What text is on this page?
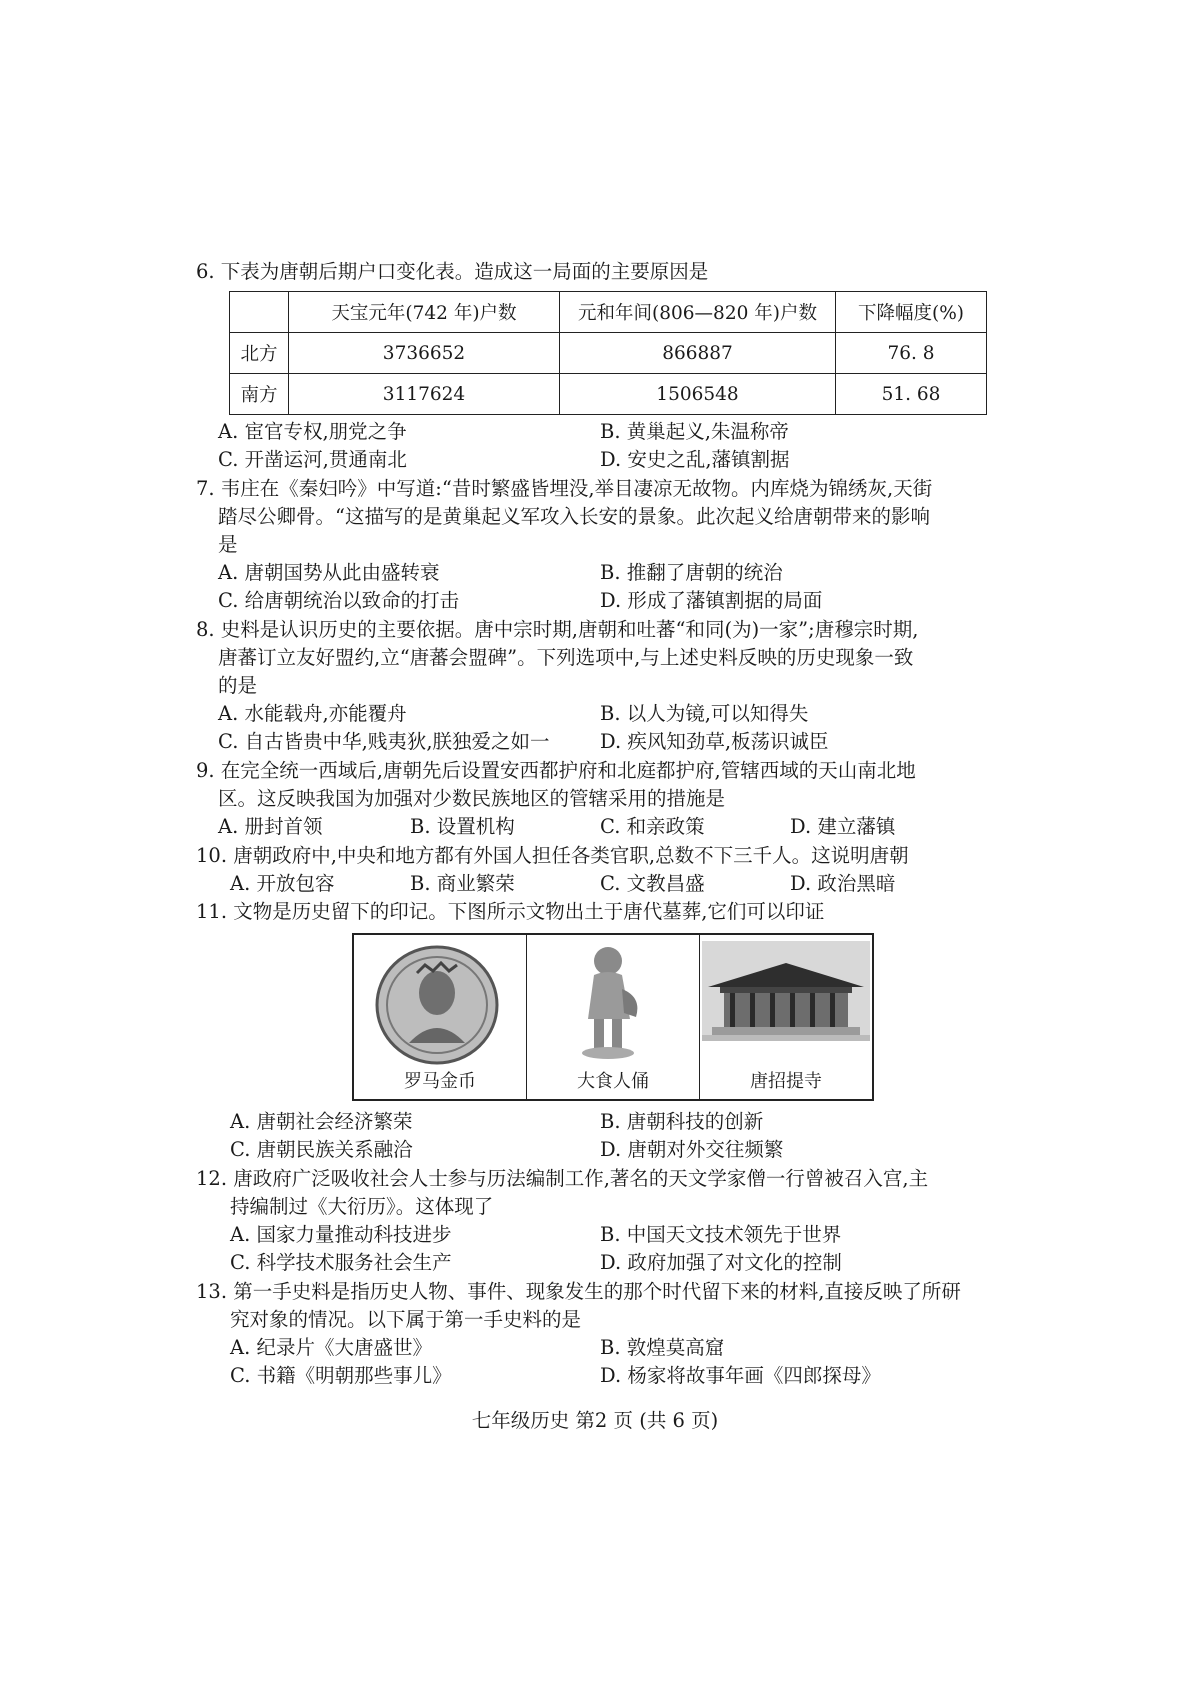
6. 下表为唐朝后期户口变化表。造成这一局面的主要原因是
	天宝元年(742 年)户数	元和年间(806—820 年)户数	下降幅度(%)
北方	3736652	866887	76. 8
南方	3117624	1506548	51. 68
A. 宦官专权,朋党之争	B. 黄巢起义,朱温称帝
C. 开凿运河,贯通南北	D. 安史之乱,藩镇割据
7. 韦庄在《秦妇吟》中写道:“昔时繁盛皆埋没,举目凄凉无故物。内库烧为锦绣灰,天街
踏尽公卿骨。“这描写的是黄巢起义军攻入长安的景象。此次起义给唐朝带来的影响
是
A. 唐朝国势从此由盛转衰	B. 推翻了唐朝的统治
C. 给唐朝统治以致命的打击	D. 形成了藩镇割据的局面
8. 史料是认识历史的主要依据。唐中宗时期,唐朝和吐蕃“和同(为)一家”;唐穆宗时期,
唐蕃订立友好盟约,立“唐蕃会盟碑”。下列选项中,与上述史料反映的历史现象一致
的是
A. 水能载舟,亦能覆舟	B. 以人为镜,可以知得失
C. 自古皆贵中华,贱夷狄,朕独爱之如一	D. 疾风知劲草,板荡识诚臣
9. 在完全统一西域后,唐朝先后设置安西都护府和北庭都护府,管辖西域的天山南北地
区。这反映我国为加强对少数民族地区的管辖采用的措施是
A. 册封首领	B. 设置机构	C. 和亲政策	D. 建立藩镇
10. 唐朝政府中,中央和地方都有外国人担任各类官职,总数不下三千人。这说明唐朝
A. 开放包容	B. 商业繁荣	C. 文教昌盛	D. 政治黑暗
11. 文物是历史留下的印记。下图所示文物出土于唐代墓葬,它们可以印证
罗马金币	大食人俑	唐招提寺
A. 唐朝社会经济繁荣	B. 唐朝科技的创新
C. 唐朝民族关系融洽	D. 唐朝对外交往频繁
12. 唐政府广泛吸收社会人士参与历法编制工作,著名的天文学家僧一行曾被召入宫,主
持编制过《大衍历》。这体现了
A. 国家力量推动科技进步	B. 中国天文技术领先于世界
C. 科学技术服务社会生产	D. 政府加强了对文化的控制
13. 第一手史料是指历史人物、事件、现象发生的那个时代留下来的材料,直接反映了所研
究对象的情况。以下属于第一手史料的是
A. 纪录片《大唐盛世》	B. 敦煌莫高窟
C. 书籍《明朝那些事儿》	D. 杨家将故事年画《四郎探母》
七年级历史 第2 页 (共 6 页)
